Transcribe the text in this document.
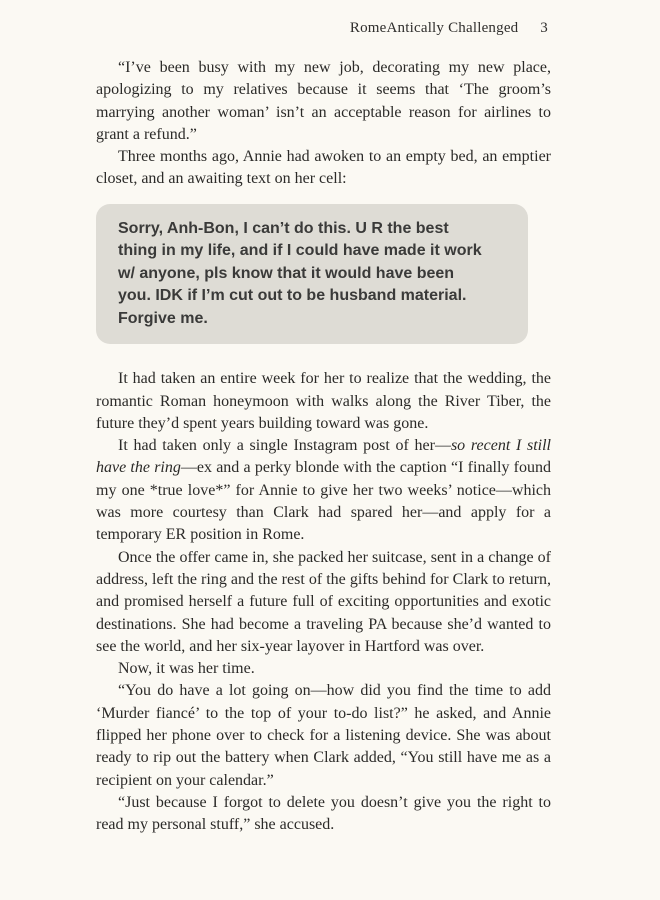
RomeAntically Challenged 3

“I’ve been busy with my new job, decorating my new place, apologizing to my relatives because it seems that ‘The groom’s marrying another woman’ isn’t an acceptable reason for airlines to grant a refund.”

Three months ago, Annie had awoken to an empty bed, an emptier closet, and an awaiting text on her cell:

Sorry, Anh-Bon, I can’t do this. U R the best
thing in my life, and if I could have made it work
w/ anyone, pls know that it would have been
you. IDK if I’m cut out to be husband material.
Forgive me.

It had taken an entire week for her to realize that the wedding, the romantic Roman honeymoon with walks along the River Tiber, the future they’d spent years building toward was gone.

It had taken only a single Instagram post of her—so recent I still have the ring—ex and a perky blonde with the caption “I finally found my one *true love*” for Annie to give her two weeks’ notice—which was more courtesy than Clark had spared her—and apply for a temporary ER position in Rome.

Once the offer came in, she packed her suitcase, sent in a change of address, left the ring and the rest of the gifts behind for Clark to return, and promised herself a future full of exciting opportunities and exotic destinations. She had become a traveling PA because she’d wanted to see the world, and her six-year layover in Hartford was over.

Now, it was her time.

“You do have a lot going on—how did you find the time to add ‘Murder fiancé’ to the top of your to-do list?” he asked, and Annie flipped her phone over to check for a listening device. She was about ready to rip out the battery when Clark added, “You still have me as a recipient on your calendar.”

“Just because I forgot to delete you doesn’t give you the right to read my personal stuff,” she accused.
